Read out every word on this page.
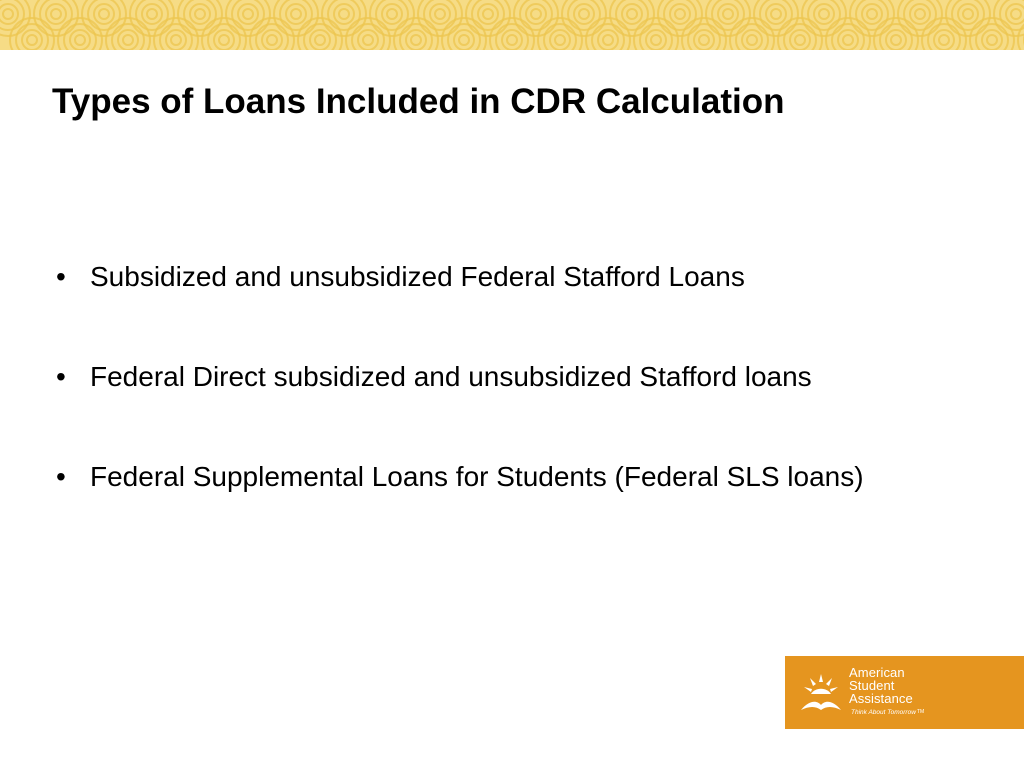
Types of Loans Included in CDR Calculation
• Subsidized and unsubsidized Federal Stafford Loans
• Federal Direct subsidized and unsubsidized Stafford loans
• Federal Supplemental Loans for Students (Federal SLS loans)
American
Student
Assistance
Think About Tomorrow TM
